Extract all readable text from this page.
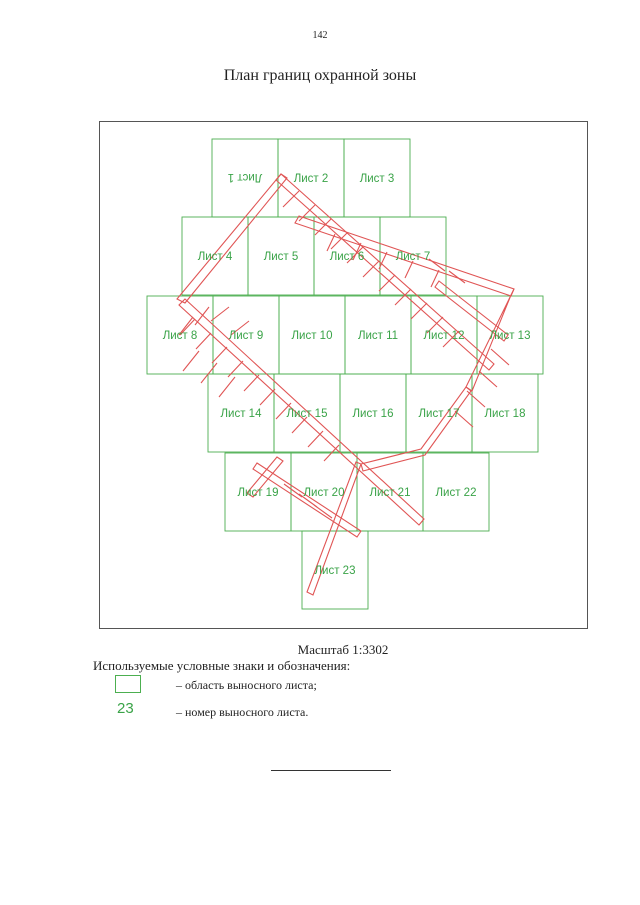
142
План границ охранной зоны
Лист 1	Лист 2	Лист 3
Лист 4	Лист 5	Лист 6	Лист 7
Лист 8	Лист 9 Лист 10 Лист 11 Лист 12 Лист 13
Лист 14 Лист 15 Лист 16 Лист 17 Лист 18
Лист 19 Лист 20 Лист 21 Лист 22
Лист 23
Масштаб 1:3302
Используемые условные знаки и обозначения:
– область выносного листа;
23	– номер выносного листа.
